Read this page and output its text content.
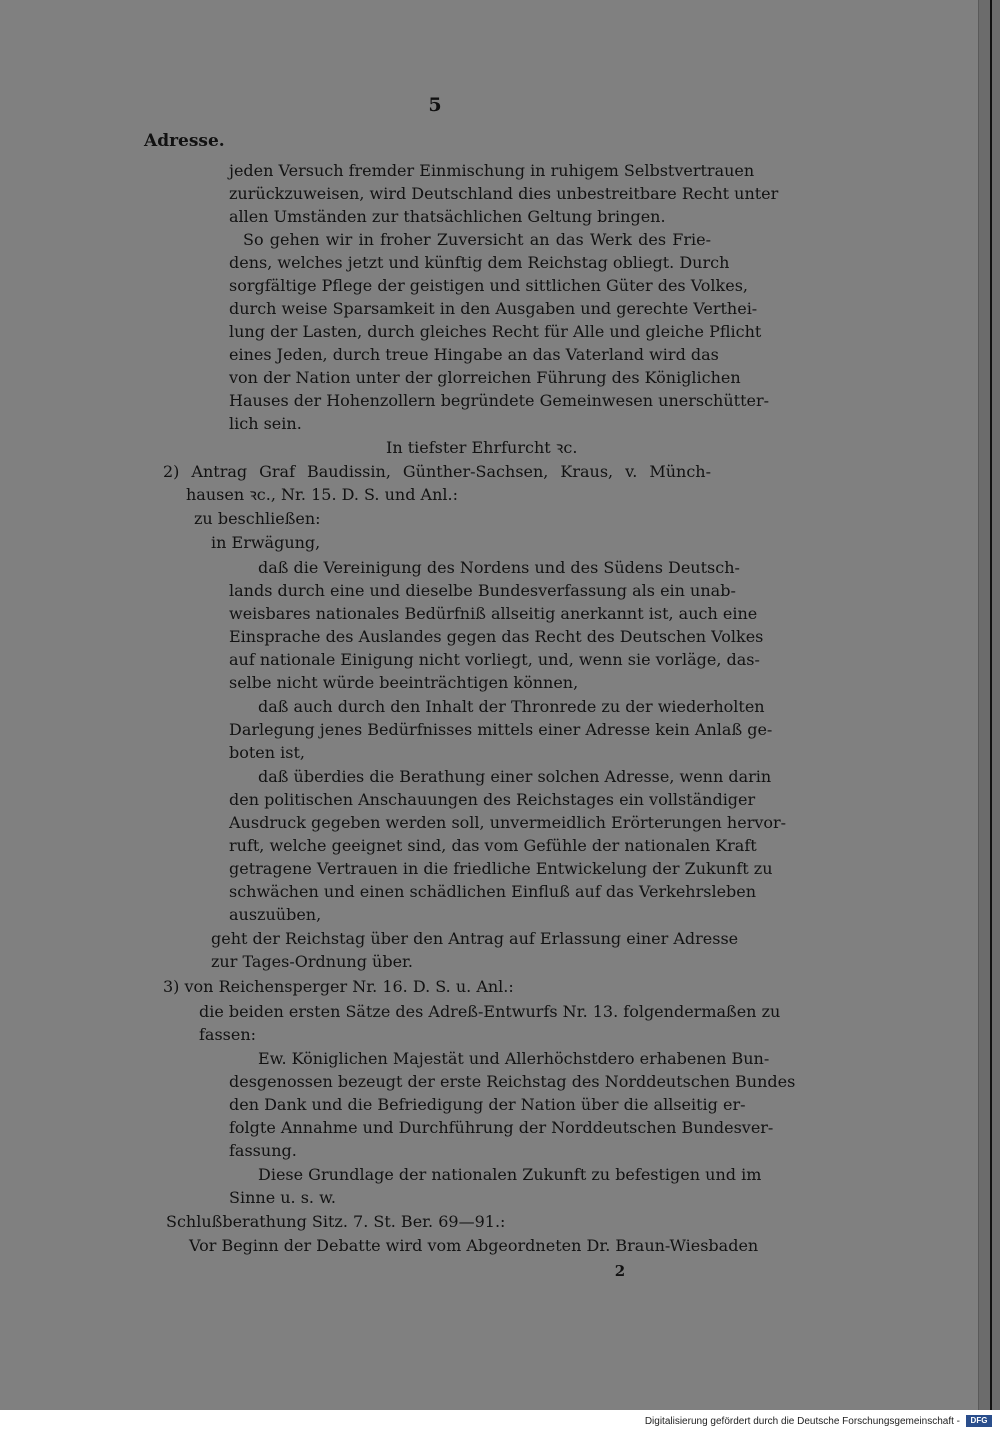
5

Adresse.

jeden Versuch fremder Einmischung in ruhigem Selbstvertrauen

zurückzuweisen, wird Deutschland dies unbestreitbare Recht unter

allen Umständen zur thatsächlichen Geltung bringen.

So gehen wir in froher Zuversicht an das Werk des Frie-

dens, welches jetzt und künftig dem Reichstag obliegt. Durch

sorgfältige Pflege der geistigen und sittlichen Güter des Volkes,

durch weise Sparsamkeit in den Ausgaben und gerechte Verthei-

lung der Lasten, durch gleiches Recht für Alle und gleiche Pflicht

eines Jeden, durch treue Hingabe an das Vaterland wird das

von der Nation unter der glorreichen Führung des Königlichen

Hauses der Hohenzollern begründete Gemeinwesen unerschütter-

lich sein.

In tiefster Ehrfurcht ꝛc.

2) Antrag Graf Baudissin, Günther-Sachsen, Kraus, v. Münch-

hausen ꝛc., Nr. 15. D. S. und Anl.:

zu beschließen:

in Erwägung,

daß die Vereinigung des Nordens und des Südens Deutsch-

lands durch eine und dieselbe Bundesverfassung als ein unab-

weisbares nationales Bedürfniß allseitig anerkannt ist, auch eine

Einsprache des Auslandes gegen das Recht des Deutschen Volkes

auf nationale Einigung nicht vorliegt, und, wenn sie vorläge, das-

selbe nicht würde beeinträchtigen können,

daß auch durch den Inhalt der Thronrede zu der wiederholten

Darlegung jenes Bedürfnisses mittels einer Adresse kein Anlaß ge-

boten ist,

daß überdies die Berathung einer solchen Adresse, wenn darin

den politischen Anschauungen des Reichstages ein vollständiger

Ausdruck gegeben werden soll, unvermeidlich Erörterungen hervor-

ruft, welche geeignet sind, das vom Gefühle der nationalen Kraft

getragene Vertrauen in die friedliche Entwickelung der Zukunft zu

schwächen und einen schädlichen Einfluß auf das Verkehrsleben

auszuüben,

geht der Reichstag über den Antrag auf Erlassung einer Adresse

zur Tages-Ordnung über.

3) von Reichensperger Nr. 16. D. S. u. Anl.:

die beiden ersten Sätze des Adreß-Entwurfs Nr. 13. folgendermaßen zu

fassen:

Ew. Königlichen Majestät und Allerhöchstdero erhabenen Bun-

desgenossen bezeugt der erste Reichstag des Norddeutschen Bundes

den Dank und die Befriedigung der Nation über die allseitig er-

folgte Annahme und Durchführung der Norddeutschen Bundesver-

fassung.

Diese Grundlage der nationalen Zukunft zu befestigen und im

Sinne u. s. w.

Schlußberathung Sitz. 7. St. Ber. 69—91.:

Vor Beginn der Debatte wird vom Abgeordneten Dr. Braun-Wiesbaden

2
Digitalisierung gefördert durch die Deutsche Forschungsgemeinschaft -	DFG
